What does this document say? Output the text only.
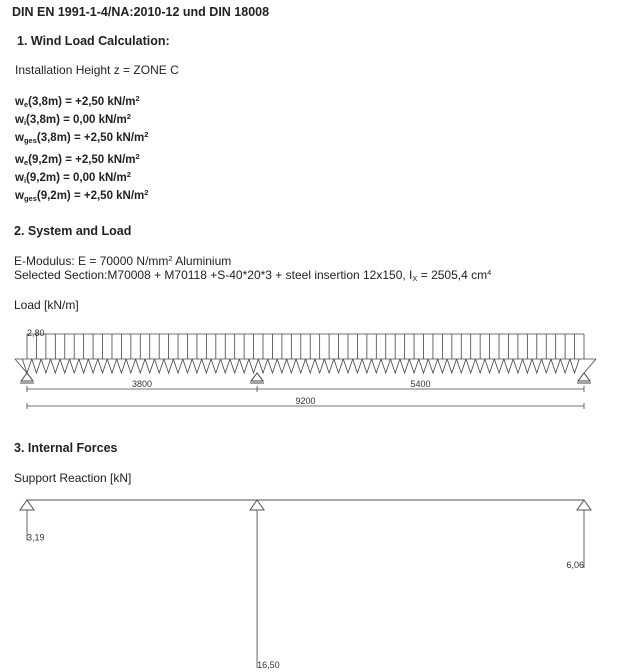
DIN EN 1991-1-4/NA:2010-12 und DIN 18008
1. Wind Load Calculation:
Installation Height z = ZONE C
$w_e(3,8m) = +2,50$ $kN/m^2$
$w_i(3,8m) = 0,00$ $kN/m^2$
$w_{ges}(3,8m) = +2,50$ $kN/m^2$
$w_e(9,2m) = +2,50$ $kN/m^2$
$w_i(9,2m) = 0,00$ $kN/m^2$
$w_{ges}(9,2m) = +2,50$ $kN/m^2$
2. System and Load
E-Modulus: E = 70000 $N/mm^2$ Aluminium
Selected Section:M70008 + M70118 +S-40*20*3 + steel insertion 12x150, $I_X = 2505,4$ $cm^4$
Load [kN/m]
2,80
3800	5400
9200
3. Internal Forces
Support Reaction [kN]
3,19
16,50
6,06
